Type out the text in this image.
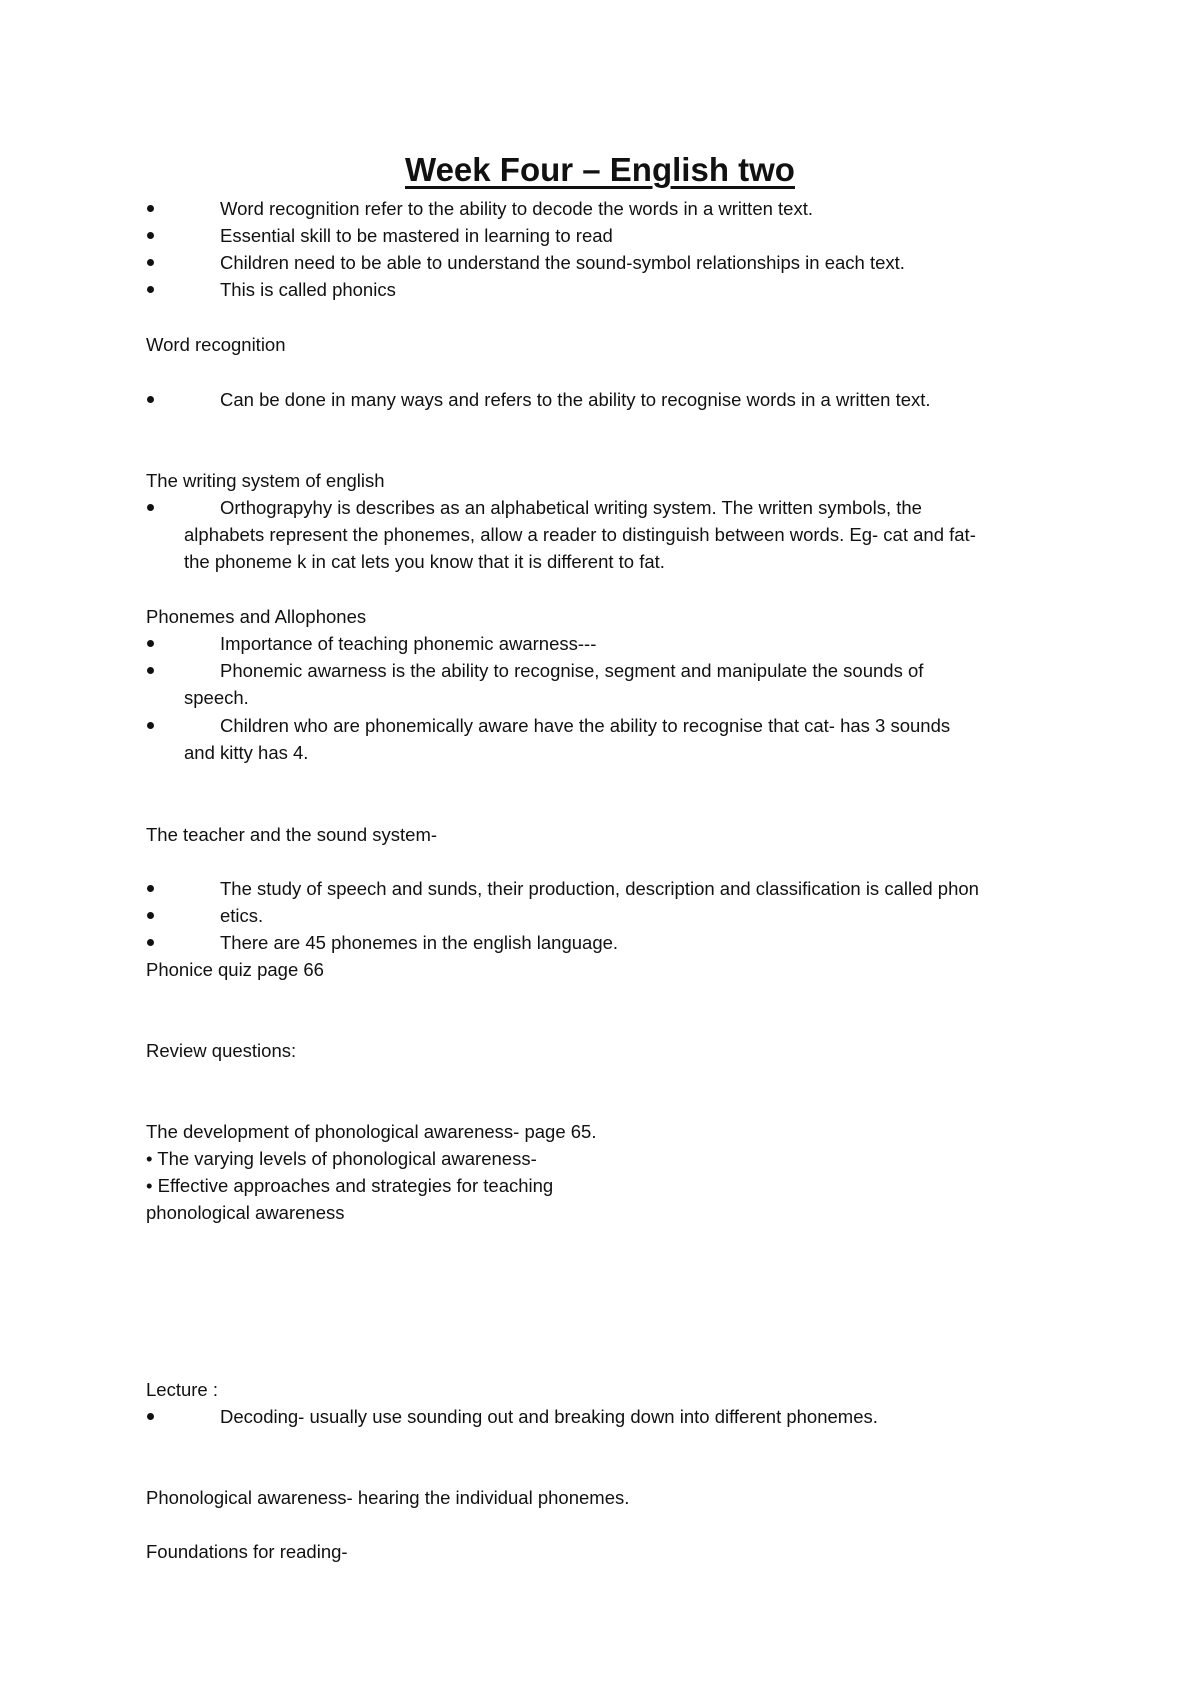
Week Four – English two
Word recognition refer to the ability to decode the words in a written text.
Essential skill to be mastered in learning to read
Children need to be able to understand the sound-symbol relationships in each text.
This is called phonics
Word recognition
Can be done in many ways and refers to the ability to recognise words in a written text.
The writing system of english
Orthograpyhy is describes as an alphabetical writing system. The written symbols, the
alphabets represent the phonemes, allow a reader to distinguish between words. Eg- cat and fat-
the phoneme k in cat lets you know that it is different to fat.
Phonemes and Allophones
Importance of teaching phonemic awarness---
Phonemic awarness is the ability to recognise, segment and manipulate the sounds of
speech.
Children who are phonemically aware have the ability to recognise that cat- has 3 sounds
and kitty has 4.
The teacher and the sound system-
The study of speech and sunds, their production, description and classification is called phon
etics.
There are 45 phonemes in the english language.
Phonice quiz page 66
Review questions:
The development of phonological awareness- page 65.
• The varying levels of phonological awareness-
• Effective approaches and strategies for teaching
phonological awareness
Lecture :
Decoding- usually use sounding out and breaking down into different phonemes.
Phonological awareness- hearing the individual phonemes.
Foundations for reading-
